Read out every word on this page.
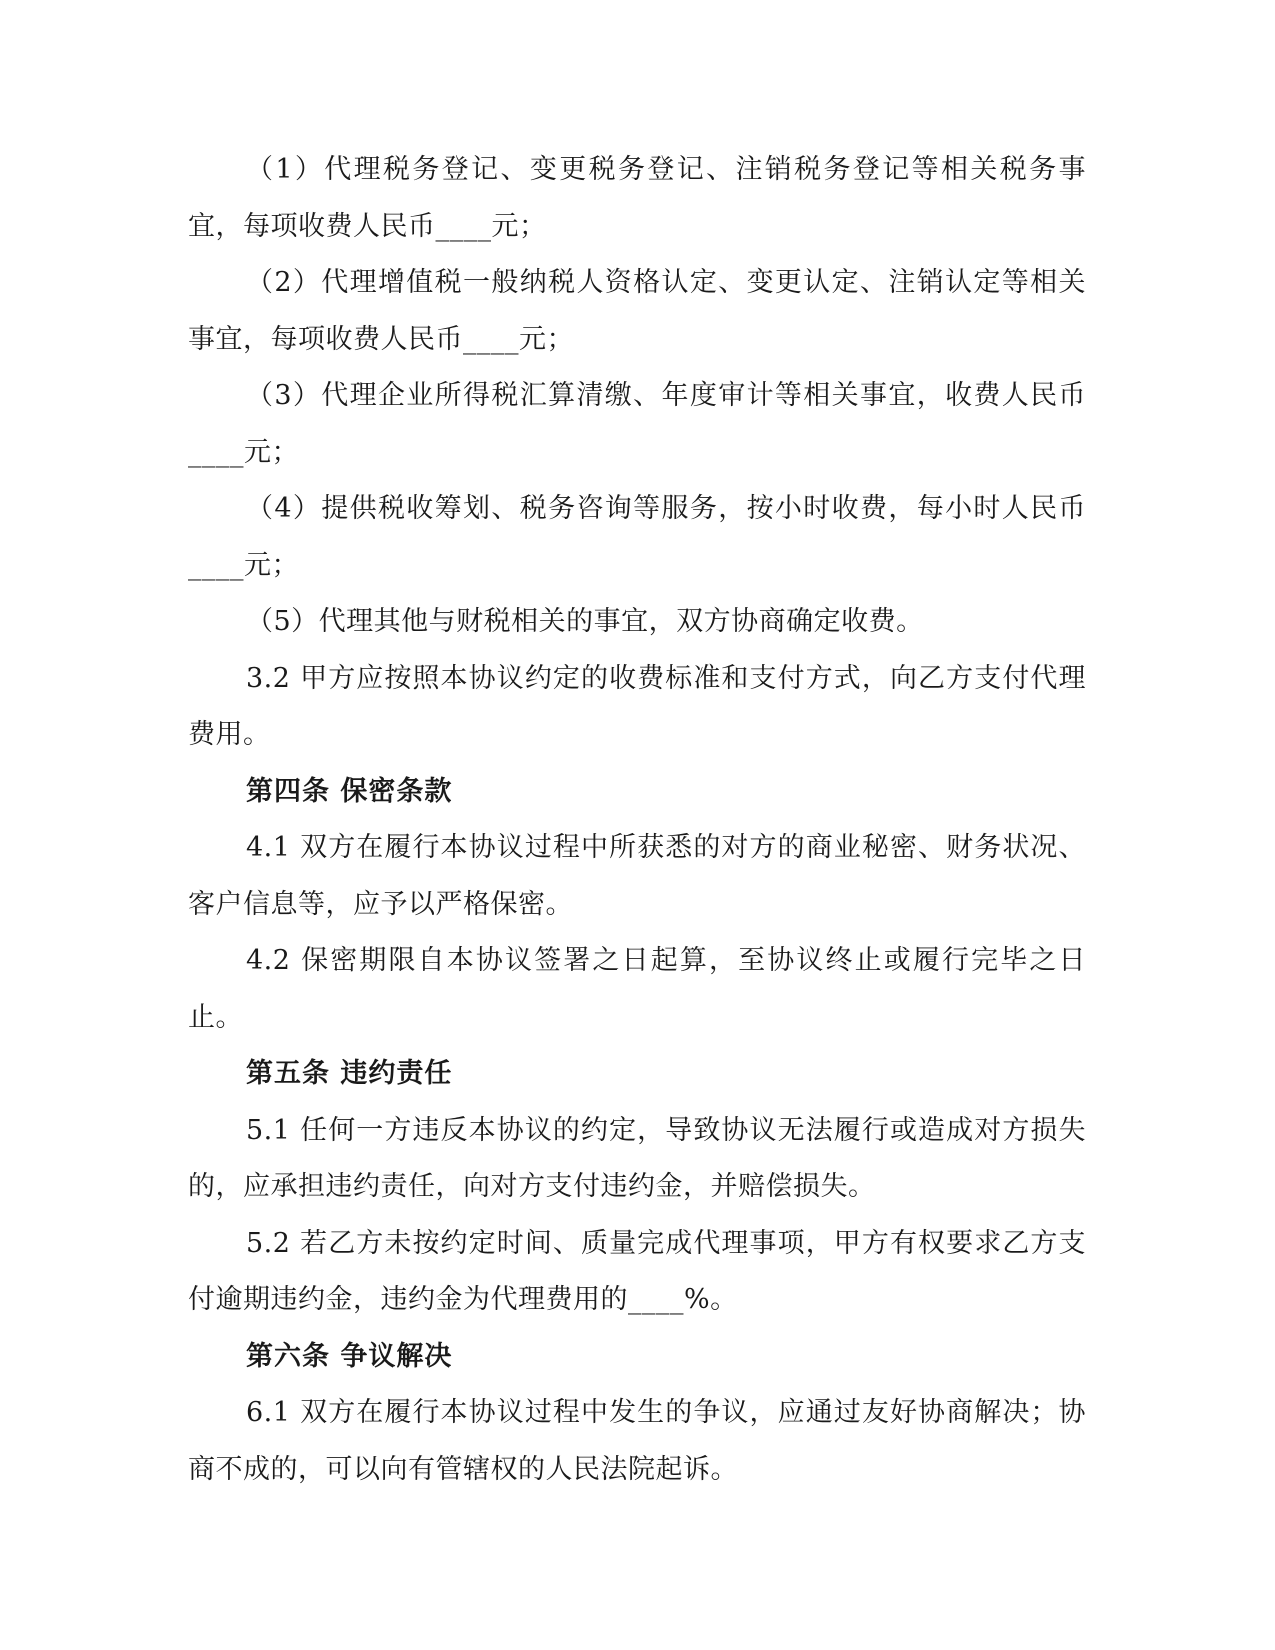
（1）代理税务登记、变更税务登记、注销税务登记等相关税务事宜，每项收费人民币____元；

（2）代理增值税一般纳税人资格认定、变更认定、注销认定等相关事宜，每项收费人民币____元；

（3）代理企业所得税汇算清缴、年度审计等相关事宜，收费人民币____元；

（4）提供税收筹划、税务咨询等服务，按小时收费，每小时人民币____元；

（5）代理其他与财税相关的事宜，双方协商确定收费。

3.2 甲方应按照本协议约定的收费标准和支付方式，向乙方支付代理费用。

第四条 保密条款

4.1 双方在履行本协议过程中所获悉的对方的商业秘密、财务状况、客户信息等，应予以严格保密。

4.2 保密期限自本协议签署之日起算，至协议终止或履行完毕之日止。

第五条 违约责任

5.1 任何一方违反本协议的约定，导致协议无法履行或造成对方损失的，应承担违约责任，向对方支付违约金，并赔偿损失。

5.2 若乙方未按约定时间、质量完成代理事项，甲方有权要求乙方支付逾期违约金，违约金为代理费用的____%。

第六条 争议解决

6.1 双方在履行本协议过程中发生的争议，应通过友好协商解决；协商不成的，可以向有管辖权的人民法院起诉。
